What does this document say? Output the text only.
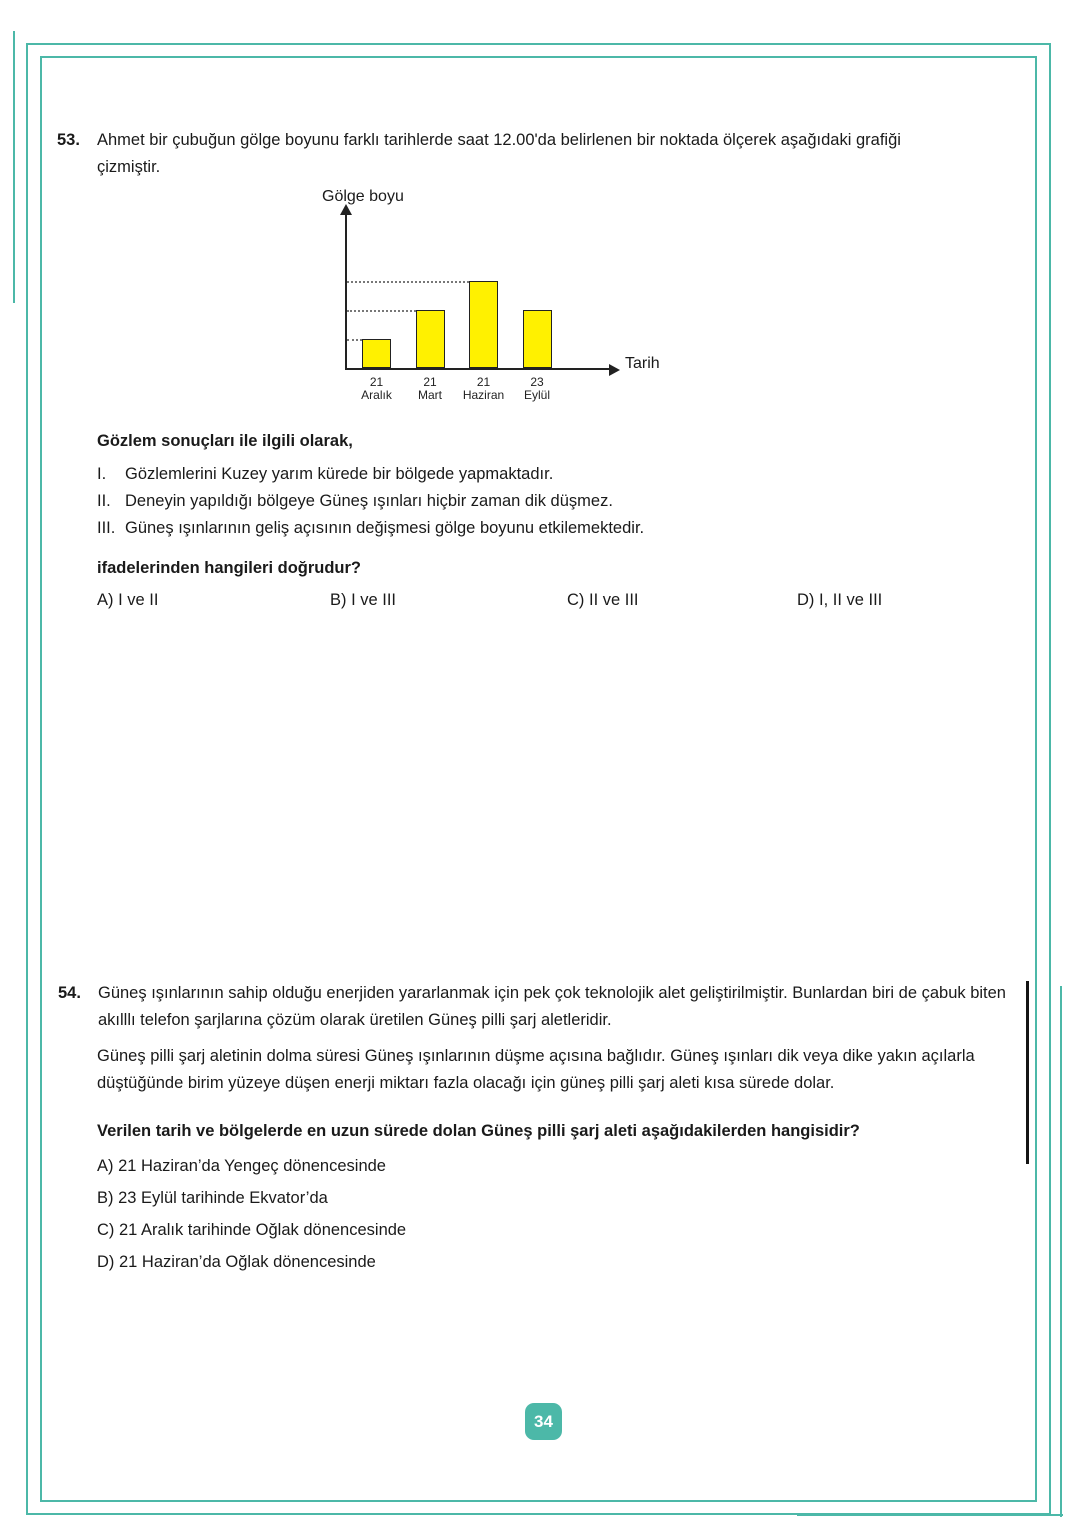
53.	Ahmet bir çubuğun gölge boyunu farklı tarihlerde saat 12.00'da belirlenen bir noktada ölçerek aşağıdaki grafiği çizmiştir.
Gölge boyu
Tarih
21
Aralık
21
Mart
21
Haziran
23
Eylül
Gözlem sonuçları ile ilgili olarak,
I.	Gözlemlerini Kuzey yarım kürede bir bölgede yapmaktadır.
II. Deneyin yapıldığı bölgeye Güneş ışınları hiçbir zaman dik düşmez.
III. Güneş ışınlarının geliş açısının değişmesi gölge boyunu etkilemektedir.
ifadelerinden hangileri doğrudur?
A) I ve II	B) I ve III	C) II ve III	D) I, II ve III
54.	Güneş ışınlarının sahip olduğu enerjiden yararlanmak için pek çok teknolojik alet geliştirilmiştir. Bunlardan biri de çabuk biten akılllı telefon şarjlarına çözüm olarak üretilen Güneş pilli şarj aletleridir.
Güneş pilli şarj aletinin dolma süresi Güneş ışınlarının düşme açısına bağlıdır. Güneş ışınları dik veya dike yakın açılarla düştüğünde birim yüzeye düşen enerji miktarı fazla olacağı için güneş pilli şarj aleti kısa sürede dolar.
Verilen tarih ve bölgelerde en uzun sürede dolan Güneş pilli şarj aleti aşağıdakilerden hangisidir?
A) 21 Haziran’da Yengeç dönencesinde
B) 23 Eylül tarihinde Ekvator’da
C) 21 Aralık tarihinde Oğlak dönencesinde
D) 21 Haziran’da Oğlak dönencesinde
34
